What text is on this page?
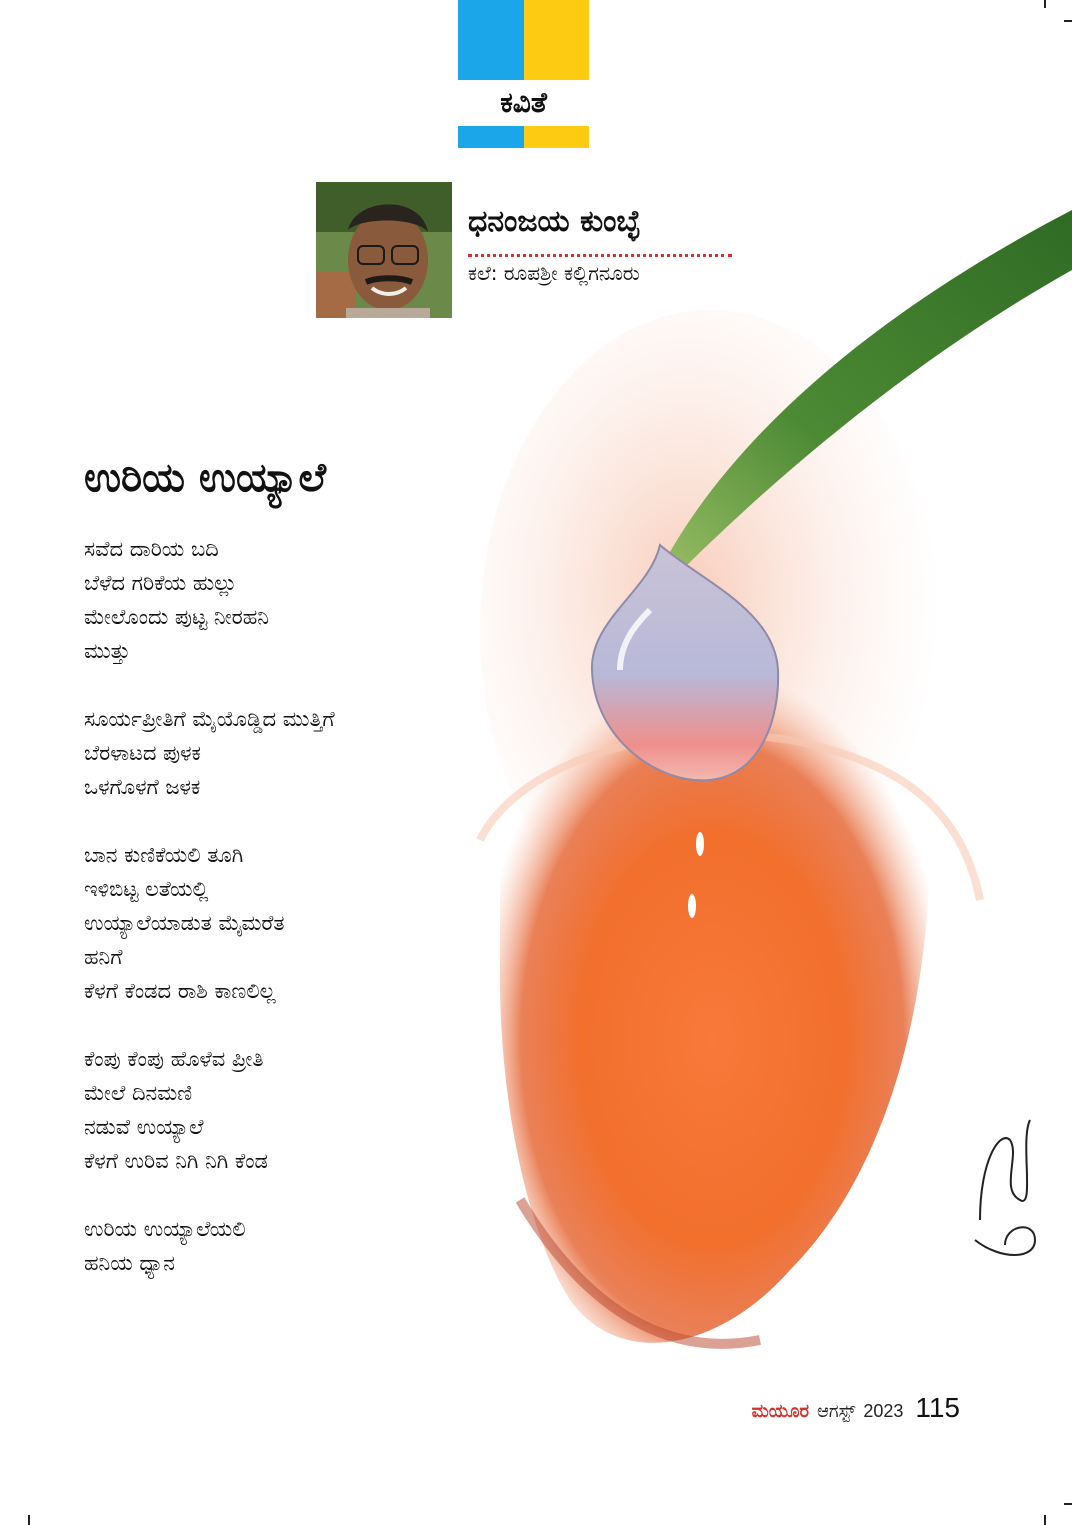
ಕವಿತೆ
ಧನಂಜಯ ಕುಂಬ್ಳೆ
ಕಲೆ: ರೂಪಶ್ರೀ ಕಲ್ಲಿಗನೂರು
ಉರಿಯ ಉಯ್ಯಾಲೆ
ಸವೆದ ದಾರಿಯ ಬದಿ
ಬೆಳೆದ ಗರಿಕೆಯ ಹುಲ್ಲು
ಮೇಲೊಂದು ಪುಟ್ಟ ನೀರಹನಿ
ಮುತ್ತು
ಸೂರ್ಯಪ್ರೀತಿಗೆ ಮೈಯೊಡ್ಡಿದ ಮುತ್ತಿಗೆ
ಬೆರಳಾಟದ ಪುಳಕ
ಒಳಗೊಳಗೆ ಜಳಕ
ಬಾನ ಕುಣಿಕೆಯಲಿ ತೂಗಿ
ಇಳಿಬಿಟ್ಟ ಲತೆಯಲ್ಲಿ
ಉಯ್ಯಾಲೆಯಾಡುತ ಮೈಮರೆತ
ಹನಿಗೆ
ಕೆಳಗೆ ಕೆಂಡದ ರಾಶಿ ಕಾಣಲಿಲ್ಲ
ಕೆಂಪು ಕೆಂಪು ಹೊಳೆವ ಪ್ರೀತಿ
ಮೇಲೆ ದಿನಮಣಿ
ನಡುವೆ ಉಯ್ಯಾಲೆ
ಕೆಳಗೆ ಉರಿವ ನಿಗಿ ನಿಗಿ ಕೆಂಡ
ಉರಿಯ ಉಯ್ಯಾಲೆಯಲಿ
ಹನಿಯ ಧ್ಯಾನ
ಮಯೂರ ಆಗಸ್ಟ್ 2023 115
